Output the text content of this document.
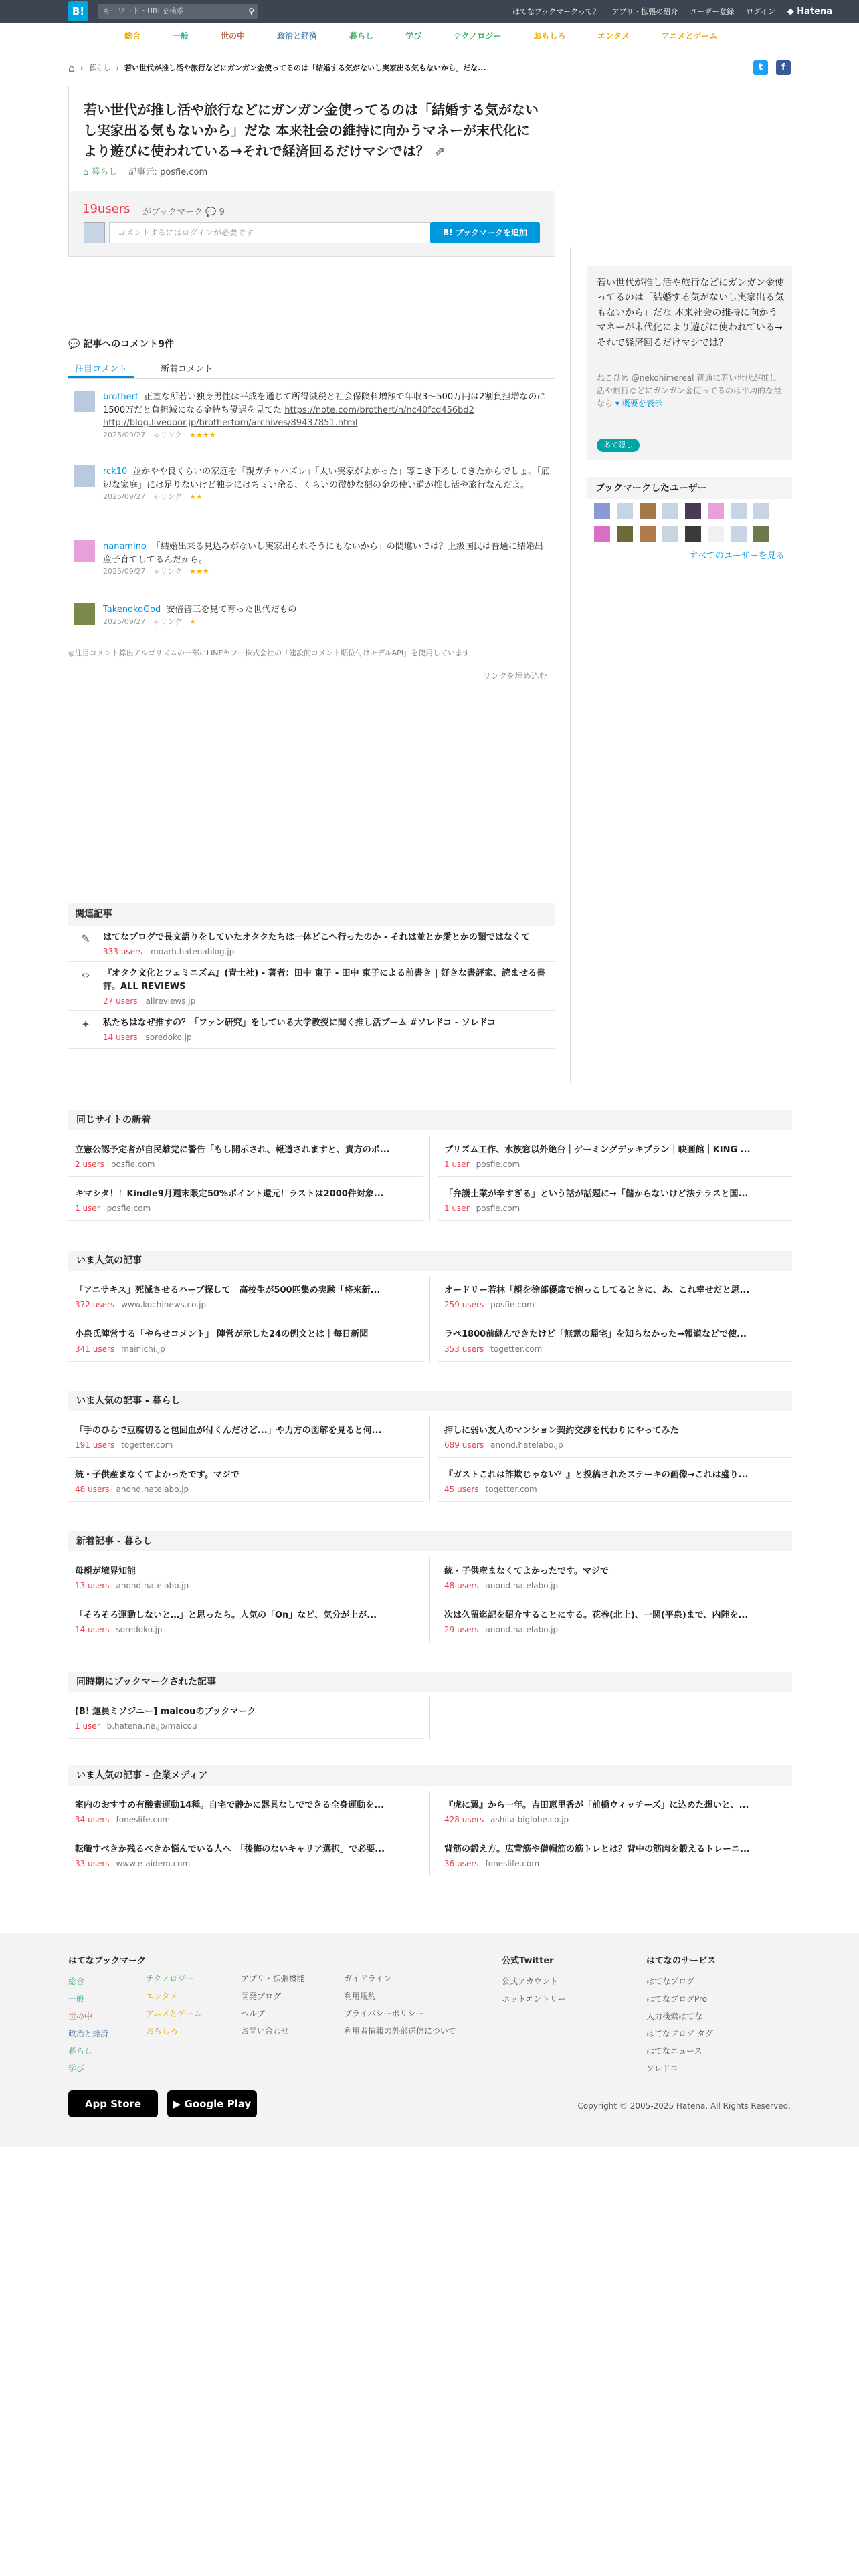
B!	キーワード・URLを検索	⚲	はてなブックマークって？ アプリ・拡張の紹介 ユーザー登録 ログイン ◆ Hatena
総合	一般	世の中	政治と経済	暮らし	学び	テクノロジー	おもしろ	エンタメ	アニメとゲーム
⌂ › 暮らし › 若い世代が推し活や旅行などにガンガン金使ってるのは「結婚する気がないし実家出る気もないから」だな...	t	f
若い世代が推し活や旅行などにガンガン金使ってるのは「結婚する気がないし実家出る気もないから」だな 本来社会の維持に向かうマネーが末代化により遊びに使われている→それで経済回るだけマシでは？ ⇗
19users がブックマーク 💬 9
コメントするにはログインが必要です	B! ブックマークを追加
⌂ 暮らし 記事元: posfie.com
💬 記事へのコメント9件
注目コメント	新着コメント
brothert 正直な所若い独身男性は平成を通じて所得減税と社会保険料増額で年収3～500万円は2割負担増なのに1500万だと負担減になる金持ち優遇を見てた https://note.com/brothert/n/nc40fcd456bd2
http://blog.livedoor.jp/brothertom/archives/89437851.html
2025/09/27　 ゃリンク　 ★★★★
rck10 並かやや良くらいの家庭を「親ガチャハズレ」「太い実家がよかった」等こき下ろしてきたからでしょ。「底辺な家庭」には足りないけど独身にはちょい余る、くらいの微妙な額の金の使い道が推し活や旅行なんだよ。
2025/09/27　 ゃリンク　 ★★
nanamino 「結婚出来る見込みがないし実家出られそうにもないから」の間違いでは？上級国民は普通に結婚出産子育てしてるんだから。
2025/09/27　 ゃリンク　 ★★★
TakenokoGod 安倍晋三を見て育った世代だもの
2025/09/27　 ゃリンク　 ★
◎注目コメント算出アルゴリズムの一部にLINEヤフー株式会社の「建設的コメント順位付けモデルAPI」を使用しています
リンクを埋め込む
関連記事
✎ はてなブログで長文語りをしていたオタクたちは一体どこへ行ったのか - それは並とか愛とかの類ではなくて
333 users　 moarh.hatenablog.jp
‹› 『オタク文化とフェミニズム』(青土社) - 著者：田中 東子 - 田中 東子による前書き | 好きな書評家、読ませる書評。ALL REVIEWS
27 users　 allreviews.jp
✦ 私たちはなぜ推すの？「ファン研究」をしている大学教授に聞く推し活ブーム #ソレドコ - ソレドコ
14 users　 soredoko.jp
若い世代が推し活や旅行などにガンガン金使ってるのは「結婚する気がないし実家出る気もないから」だな 本来社会の維持に向かうマネーが末代化により遊びに使われている→それで経済回るだけマシでは？
ねこひめ @nekohimereal 普通に若い世代が推し活や旅行などにガンガン金使ってるのは平均的な最なら ▾ 概要を表示
あて隠し
ブックマークしたユーザー
すべてのユーザーを見る
同じサイトの新着
立憲公認予定者が自民離党に警告「もし開示され、報道されますと、責方のポ...
2 users posfie.com
プリズム工作、水族窓以外絶台｜ゲーミングデッキプラン｜映画館｜KING ...
1 user posfie.com
キマシタ！！Kindle9月週末限定50%ポイント還元！ラストは2000件対象...
1 user posfie.com
「弁護士業が辛すぎる」という話が話題に→「儲からないけど法テラスと国...
1 user posfie.com
いま人気の記事
「アニサキス」死滅させるハーブ探して　高校生が500匹集め実験「将来新...
372 users www.kochinews.co.jp
オードリー若林「親を徐部優席で抱っこしてるときに、あ、これ幸せだと思...
259 users posfie.com
小泉氏陣営する「やらせコメント」 陣営が示した24の例文とは｜毎日新聞
341 users mainichi.jp
ラペ1800前継んできたけど「無意の帰宅」を知らなかった→報道などで使...
353 users togetter.com
いま人気の記事 - 暮らし
「手のひらで豆腐切ると包回血が付くんだけど...」や力方の図解を見ると何...
191 users togetter.com
押しに弱い友人のマンション契約交渉を代わりにやってみた
689 users anond.hatelabo.jp
統・子供産まなくてよかったです。マジで
48 users anond.hatelabo.jp
『ガストこれは詐欺じゃない？』と投稿されたステーキの画像→これは盛り...
45 users togetter.com
新着記事 - 暮らし
母親が境界知能
13 users anond.hatelabo.jp
統・子供産まなくてよかったです。マジで
48 users anond.hatelabo.jp
「そろそろ運動しないと…」と思ったら。人気の「On」など、気分が上が...
14 users soredoko.jp
次は久留迄記を紹介することにする。花巻(北上)、一関(平泉)まで、内陸を...
29 users anond.hatelabo.jp
同時期にブックマークされた記事
[B! 運員ミソジニー] maicouのブックマーク
1 user b.hatena.ne.jp/maicou
いま人気の記事 - 企業メディア
室内のおすすめ有酸素運動14種。自宅で静かに器具なしでできる全身運動を...
34 users foneslife.com
『虎に翼』から一年。吉田恵里香が「前橋ウィッチーズ」に込めた想いと、...
428 users ashita.biglobe.co.jp
転職すべきか残るべきか悩んでいる人へ　「後悔のないキャリア選択」で必要...
33 users www.e-aidem.com
背筋の鍛え方。広背筋や僧帽筋の筋トレとは？背中の筋肉を鍛えるトレーニ...
36 users foneslife.com
はてなブックマーク
総合
一般
世の中
政治と経済
暮らし
学び
テクノロジー
エンタメ
アニメとゲーム
おもしろ
アプリ・拡張機能
開発ブログ
ヘルプ
お問い合わせ
ガイドライン
利用規約
プライバシーポリシー
利用者情報の外部送信について
公式Twitter
公式アカウント
ホットエントリー
はてなのサービス
はてなブログ
はてなブログPro
人力検索はてな
はてなブログ タグ
はてなニュース
ソレドコ
App Store	▶ Google Play	Copyright © 2005-2025 Hatena. All Rights Reserved.
